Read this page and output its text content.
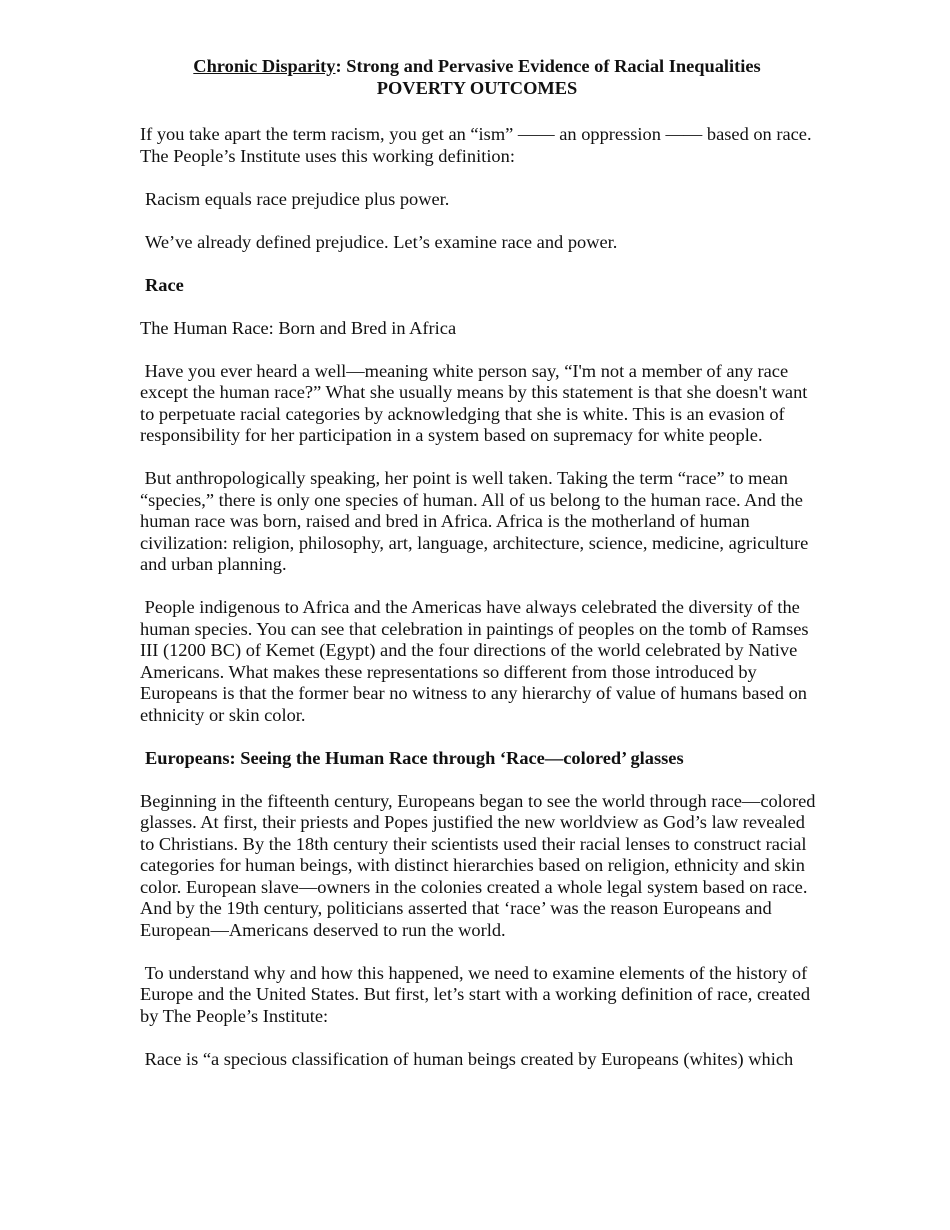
Chronic Disparity: Strong and Pervasive Evidence of Racial Inequalities
POVERTY OUTCOMES

If you take apart the term racism, you get an “ism” —— an oppression —— based on race. The People’s Institute uses this working definition:

Racism equals race prejudice plus power.

We’ve already defined prejudice. Let’s examine race and power.

Race

The Human Race: Born and Bred in Africa

Have you ever heard a well—meaning white person say, “I'm not a member of any race except the human race?” What she usually means by this statement is that she doesn't want to perpetuate racial categories by acknowledging that she is white. This is an evasion of responsibility for her participation in a system based on supremacy for white people.

But anthropologically speaking, her point is well taken. Taking the term “race” to mean “species,” there is only one species of human. All of us belong to the human race. And the human race was born, raised and bred in Africa. Africa is the motherland of human civilization: religion, philosophy, art, language, architecture, science, medicine, agriculture and urban planning.

People indigenous to Africa and the Americas have always celebrated the diversity of the human species. You can see that celebration in paintings of peoples on the tomb of Ramses III (1200 BC) of Kemet (Egypt) and the four directions of the world celebrated by Native Americans. What makes these representations so different from those introduced by Europeans is that the former bear no witness to any hierarchy of value of humans based on ethnicity or skin color.

Europeans: Seeing the Human Race through ‘Race—colored’ glasses

Beginning in the fifteenth century, Europeans began to see the world through race—colored glasses. At first, their priests and Popes justified the new worldview as God’s law revealed to Christians. By the 18th century their scientists used their racial lenses to construct racial categories for human beings, with distinct hierarchies based on religion, ethnicity and skin color. European slave—owners in the colonies created a whole legal system based on race. And by the 19th century, politicians asserted that ‘race’ was the reason Europeans and European—Americans deserved to run the world.

To understand why and how this happened, we need to examine elements of the history of Europe and the United States. But first, let’s start with a working definition of race, created by The People’s Institute:

Race is “a specious classification of human beings created by Europeans (whites) which
